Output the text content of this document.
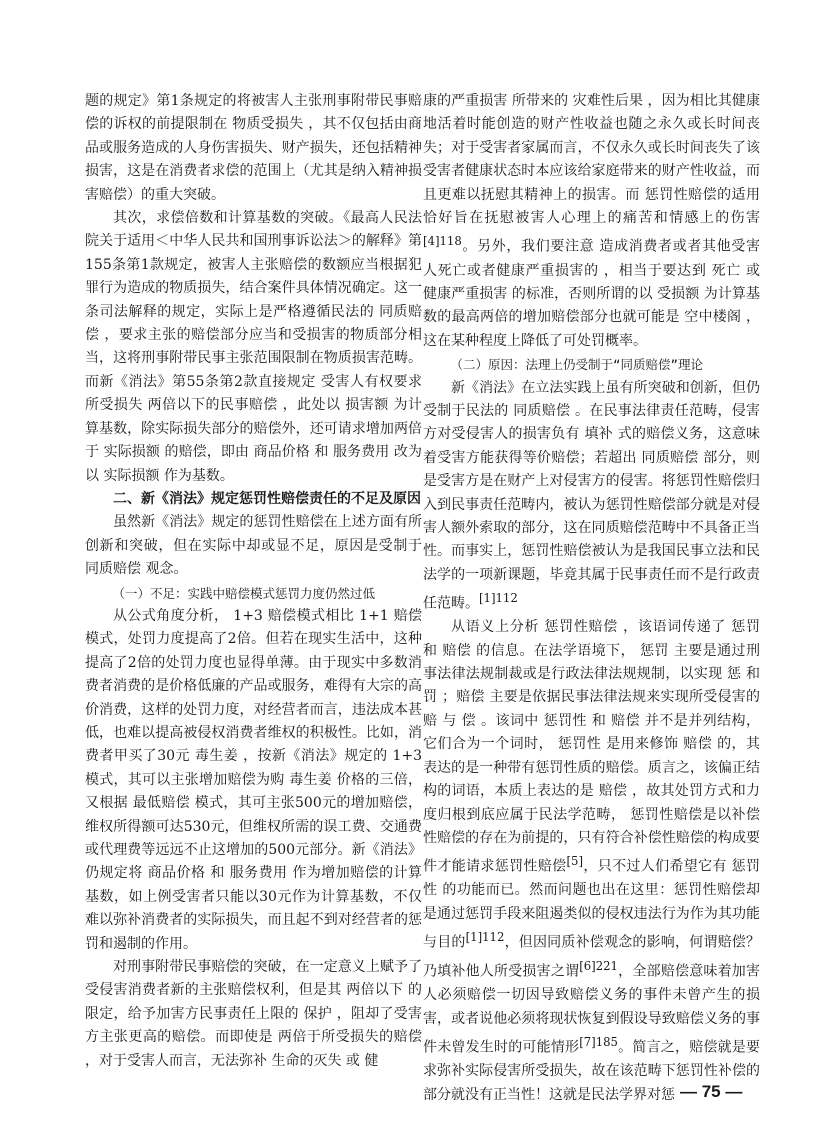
题的规定》第1条规定的将被害人主张刑事附带民事赔偿的诉权的前提限制在 物质受损失 ，其不仅包括由商品或服务造成的人身伤害损失、财产损失，还包括精神损害，这是在消费者求偿的范围上（尤其是纳入精神损害赔偿）的重大突破。

其次，求偿倍数和计算基数的突破。《最高人民法院关于适用＜中华人民共和国刑事诉讼法＞的解释》第155条第1款规定，被害人主张赔偿的数额应当根据犯罪行为造成的物质损失，结合案件具体情况确定。这一条司法解释的规定，实际上是严格遵循民法的 同质赔偿 ，要求主张的赔偿部分应当和受损害的物质部分相当，这将刑事附带民事主张范围限制在物质损害范畴。而新《消法》第55条第2款直接规定 受害人有权要求 所受损失 两倍以下的民事赔偿 ，此处以 损害额 为计算基数，除实际损失部分的赔偿外，还可请求增加两倍于 实际损额 的赔偿，即由 商品价格 和 服务费用 改为以 实际损额 作为基数。

二、新《消法》规定惩罚性赔偿责任的不足及原因

虽然新《消法》规定的惩罚性赔偿在上述方面有所创新和突破，但在实际中却或显不足，原因是受制于 同质赔偿 观念。

（一）不足：实践中赔偿模式惩罚力度仍然过低

从公式角度分析， 1+3 赔偿模式相比 1+1 赔偿模式，处罚力度提高了2倍。但若在现实生活中，这种提高了2倍的处罚力度也显得单薄。由于现实中多数消费者消费的是价格低廉的产品或服务，难得有大宗的高价消费，这样的处罚力度，对经营者而言，违法成本甚低，也难以提高被侵权消费者维权的积极性。比如，消费者甲买了30元 毒生姜 ，按新《消法》规定的 1+3 模式，其可以主张增加赔偿为购 毒生姜 价格的三倍，又根据 最低赔偿 模式，其可主张500元的增加赔偿，维权所得额可达530元，但维权所需的误工费、交通费或代理费等远远不止这增加的500元部分。新《消法》仍规定将 商品价格 和 服务费用 作为增加赔偿的计算基数，如上例受害者只能以30元作为计算基数，不仅难以弥补消费者的实际损失，而且起不到对经营者的惩罚和遏制的作用。

对刑事附带民事赔偿的突破，在一定意义上赋予了受侵害消费者新的主张赔偿权利，但是其 两倍以下 的限定，给予加害方民事责任上限的 保护 ，阻却了受害方主张更高的赔偿。而即使是 两倍于所受损失的赔偿 ，对于受害人而言，无法弥补 生命的灭失 或 健

康的严重损害 所带来的 灾难性后果 ，因为相比其健康地活着时能创造的财产性收益也随之永久或长时间丧失；对于受害者家属而言，不仅永久或长时间丧失了该受害者健康状态时本应该给家庭带来的财产性收益，而且更难以抚慰其精神上的损害。而 惩罚性赔偿的适用恰好旨在抚慰被害人心理上的痛苦和情感上的伤害$^{[4]118}$。另外，我们要注意 造成消费者或者其他受害人死亡或者健康严重损害的 ，相当于要达到 死亡 或 健康严重损害 的标准，否则所谓的以 受损额 为计算基数的最高两倍的增加赔偿部分也就可能是 空中楼阁 ，这在某种程度上降低了可处罚概率。

（二）原因：法理上仍受制于“同质赔偿”理论

新《消法》在立法实践上虽有所突破和创新，但仍受制于民法的 同质赔偿 。在民事法律责任范畴，侵害方对受侵害人的损害负有 填补 式的赔偿义务，这意味着受害方能获得等价赔偿；若超出 同质赔偿 部分，则是受害方是在财产上对侵害方的侵害。将惩罚性赔偿归入到民事责任范畴内，被认为惩罚性赔偿部分就是对侵害人额外索取的部分，这在同质赔偿范畴中不具备正当性。而事实上，惩罚性赔偿被认为是我国民事立法和民法学的一项新课题，毕竟其属于民事责任而不是行政责任范畴。$^{[1]112}$

从语义上分析 惩罚性赔偿 ，该语词传递了 惩罚 和 赔偿 的信息。在法学语境下， 惩罚 主要是通过刑事法律法规制裁或是行政法律法规规制，以实现 惩 和 罚 ；赔偿 主要是依据民事法律法规来实现所受侵害的 赔 与 偿 。该词中 惩罚性 和 赔偿 并不是并列结构，它们合为一个词时， 惩罚性 是用来修饰 赔偿 的，其表达的是一种带有惩罚性质的赔偿。质言之，该偏正结构的词语，本质上表达的是 赔偿 ，故其处罚方式和力度归根到底应属于民法学范畴， 惩罚性赔偿是以补偿性赔偿的存在为前提的，只有符合补偿性赔偿的构成要件才能请求惩罚性赔偿[5]，只不过人们希望它有 惩罚性 的功能而已。然而问题也出在这里：惩罚性赔偿却是通过惩罚手段来阻遏类似的侵权违法行为作为其功能与目的$^{[1]112}$，但因同质补偿观念的影响，何谓赔偿？乃填补他人所受损害之谓$^{[6]221}$，全部赔偿意味着加害人必须赔偿一切因导致赔偿义务的事件未曾产生的损害，或者说他必须将现状恢复到假设导致赔偿义务的事件未曾发生时的可能情形$^{[7]185}$。简言之，赔偿就是要求弥补实际侵害所受损失，故在该范畴下惩罚性补偿的部分就没有正当性！这就是民法学界对惩 — 75 —
